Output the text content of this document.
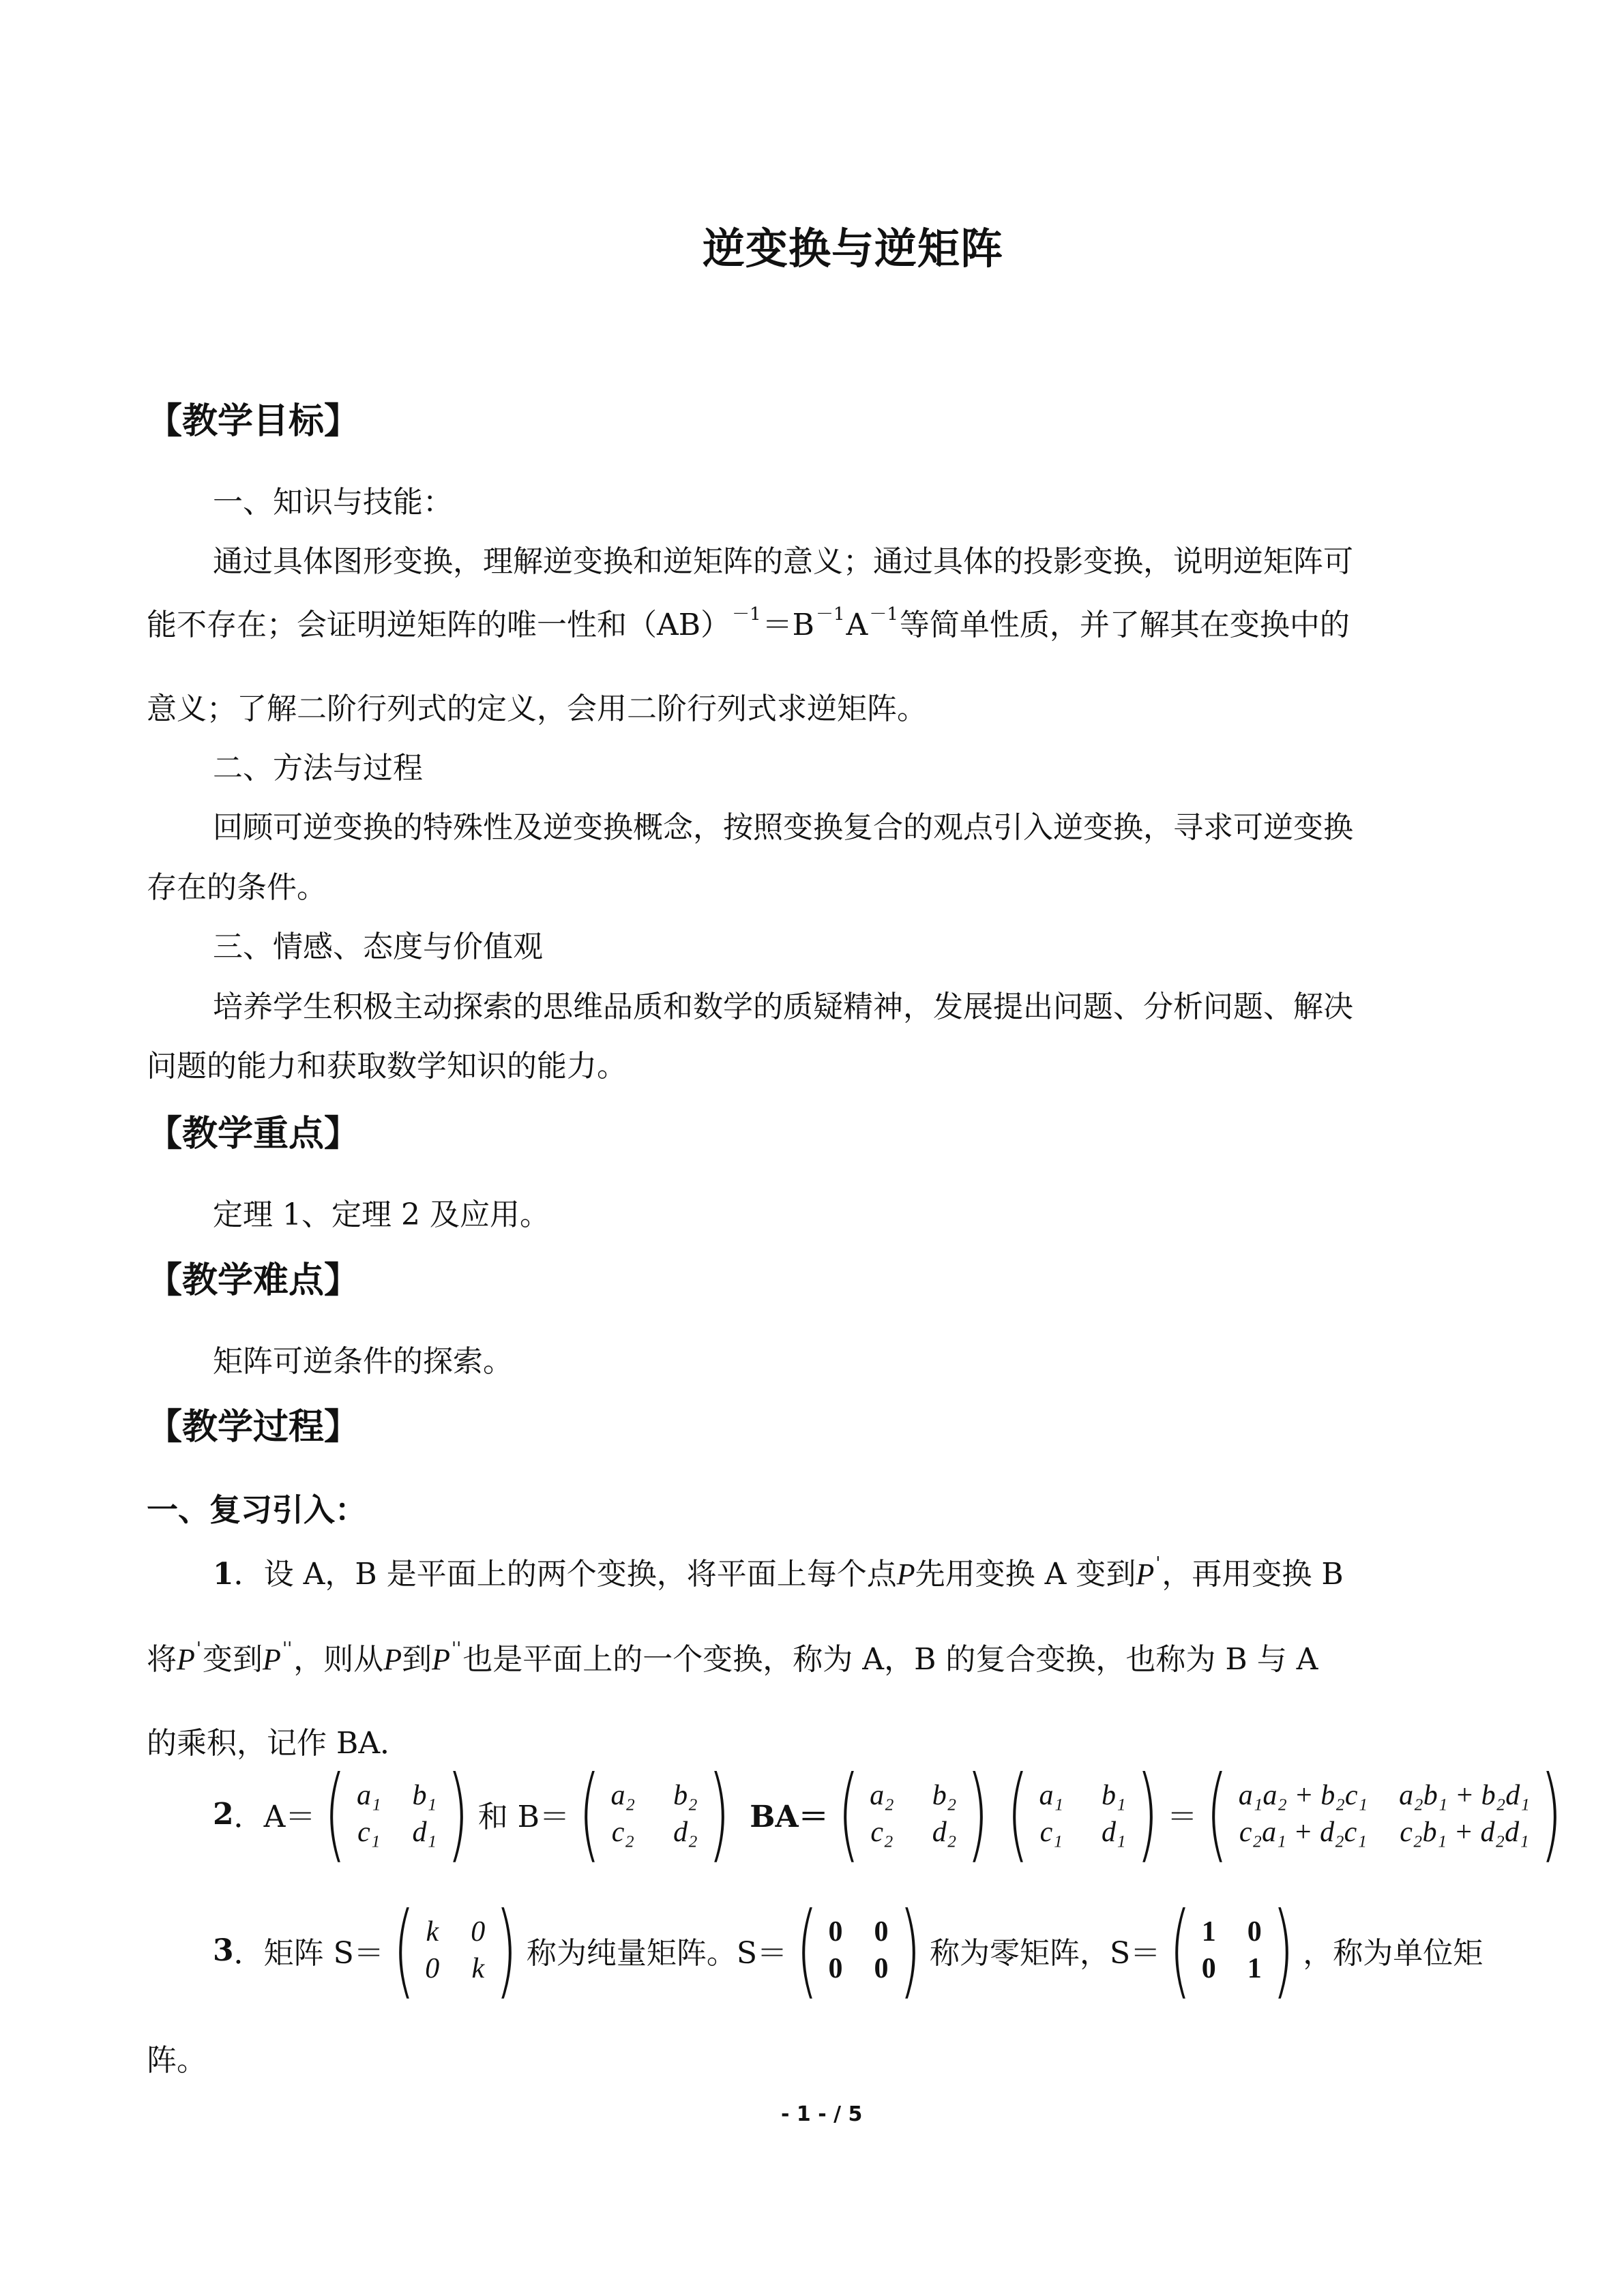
逆变换与逆矩阵
【教学目标】
一、知识与技能：
通过具体图形变换，理解逆变换和逆矩阵的意义；通过具体的投影变换，说明逆矩阵可
能不存在；会证明逆矩阵的唯一性和$(AB)^{-1}=B^{-1}A^{-1}$等简单性质，并了解其在变换中的
意义；了解二阶行列式的定义，会用二阶行列式求逆矩阵。
二、方法与过程
回顾可逆变换的特殊性及逆变换概念，按照变换复合的观点引入逆变换，寻求可逆变换
存在的条件。
三、情感、态度与价值观
培养学生积极主动探索的思维品质和数学的质疑精神，发展提出问题、分析问题、解决
问题的能力和获取数学知识的能力。
【教学重点】
定理 1、定理 2 及应用。
【教学难点】
矩阵可逆条件的探索。
【教学过程】
一、复习引入：
1．设 A，B 是平面上的两个变换，将平面上每个点P先用变换 A 变到P'，再用变换 B
将P'变到P''，则从P到P''也是平面上的一个变换，称为 A，B 的复合变换，也称为 B 与 A
的乘积，记作 BA．
2 ．A＝ ( a₁ b₁
c₁ d₁ ) 和 B＝ ( a₂ b₂
c₂ d₂ ) BA＝ ( a₂ b₂
c₂ d₂ ) ( a₁ b₁
c₁ d₁ ) ＝ ( a₁a₂ + b₂c₁ a₂b₁ + b₂d₁
c₂a₁ + d₂c₁ c₂b₁ + d₂d₁ )
3 ．矩阵 S＝ ( k 0
0 k ) 称为纯量矩阵。S＝ ( 0 0
0 0 ) 称为零矩阵，S＝ ( 1 0
0 1 ) ，称为单位矩
阵。
- 1 - / 5
